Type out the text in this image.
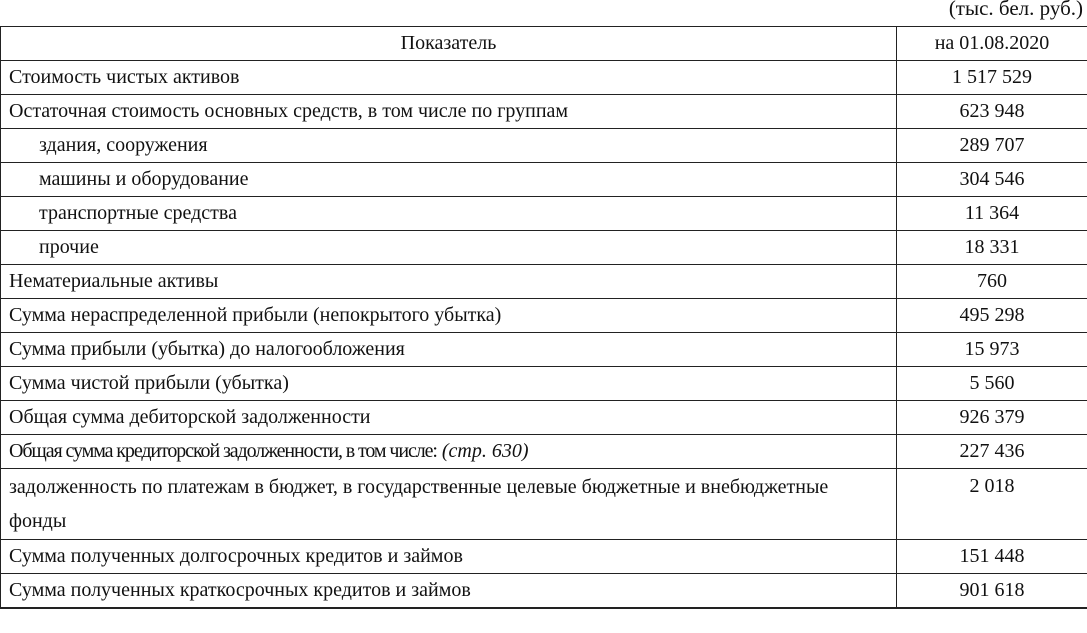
(тыс. бел. руб.)
Показатель	на 01.08.2020
Стоимость чистых активов	1 517 529
Остаточная стоимость основных средств, в том числе по группам	623 948
здания, сооружения	289 707
машины и оборудование	304 546
транспортные средства	11 364
прочие	18 331
Нематериальные активы	760
Сумма нераспределенной прибыли (непокрытого убытка)	495 298
Сумма прибыли (убытка) до налогообложения	15 973
Сумма чистой прибыли (убытка)	5 560
Общая сумма дебиторской задолженности	926 379
Общая сумма кредиторской задолженности, в том числе: (стр. 630)	227 436
задолженность по платежам в бюджет, в государственные целевые бюджетные и внебюджетные фонды	2 018
Сумма полученных долгосрочных кредитов и займов	151 448
Сумма полученных краткосрочных кредитов и займов	901 618
